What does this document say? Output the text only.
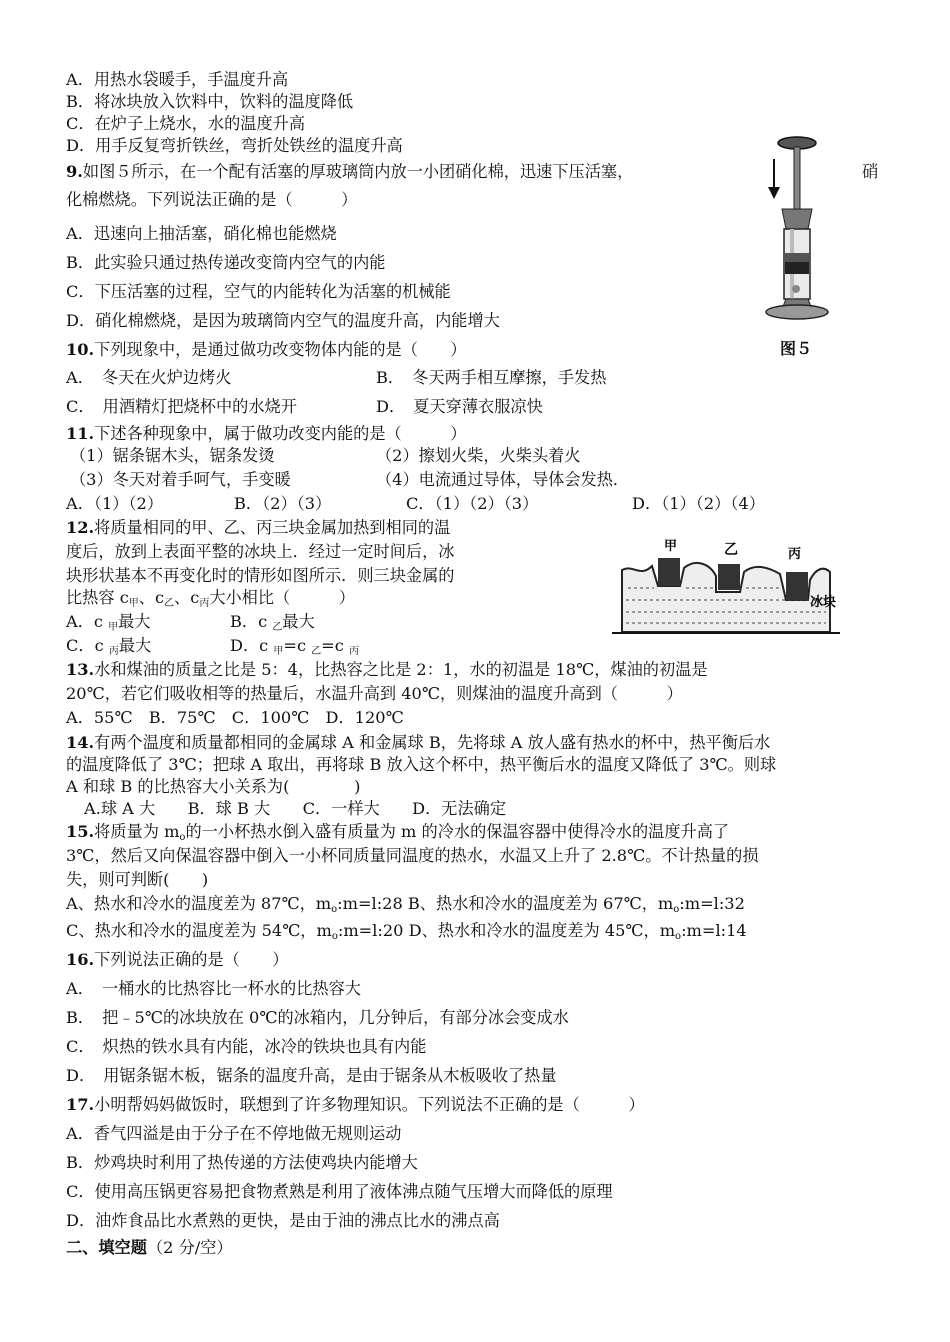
A．用热水袋暖手，手温度升高
B．将冰块放入饮料中，饮料的温度降低
C．在炉子上烧水，水的温度升高
D．用手反复弯折铁丝，弯折处铁丝的温度升高
9.如图５所示，在一个配有活塞的厚玻璃筒内放一小团硝化棉，迅速下压活塞，	硝
化棉燃烧。下列说法正确的是（　　　）
A．迅速向上抽活塞，硝化棉也能燃烧
B．此实验只通过热传递改变筒内空气的内能
C．下压活塞的过程，空气的内能转化为活塞的机械能
D．硝化棉燃烧，是因为玻璃筒内空气的温度升高，内能增大
图５
10.下列现象中，是通过做功改变物体内能的是（　　）
A．　冬天在火炉边烤火	B．　冬天两手相互摩擦，手发热
C．　用酒精灯把烧杯中的水烧开	D．　夏天穿薄衣服凉快
11.下述各种现象中，属于做功改变内能的是（　　　）
（1）锯条锯木头，锯条发烫	（2）擦划火柴，火柴头着火
（3）冬天对着手呵气，手变暖	（4）电流通过导体，导体会发热．
A．（1）（2）	B．（2）（3）	C．（1）（2）（3）	D．（1）（2）（4）
12.将质量相同的甲、乙、丙三块金属加热到相同的温
度后，放到上表面平整的冰块上．经过一定时间后，冰
块形状基本不再变化时的情形如图所示．则三块金属的
比热容 $c_甲$、$c_乙$、$c_丙$大小相比（　　　）
A．c $_甲$最大	B．c $_乙$最大
C．c $_丙$最大	D．c $_甲$=c $_乙$=c $_丙$
甲	乙	丙
冰块
13.水和煤油的质量之比是 5：4，比热容之比是 2：1，水的初温是 18℃，煤油的初温是
20℃，若它们吸收相等的热量后，水温升高到 40℃，则煤油的温度升高到（　　　）
A．55℃　B．75℃　C．100℃　D．120℃
14.有两个温度和质量都相同的金属球 A 和金属球 B，先将球 A 放人盛有热水的杯中，热平衡后水
的温度降低了 3℃；把球 A 取出，再将球 B 放入这个杯中，热平衡后水的温度又降低了 3℃。则球
A 和球 B 的比热容大小关系为(　　　　)
A.球 A 大　　B．球 B 大　　C．一样大　　D．无法确定
15.将质量为 $m_o$的一小杯热水倒入盛有质量为 m 的冷水的保温容器中使得冷水的温度升高了
3℃，然后又向保温容器中倒入一小杯同质量同温度的热水，水温又上升了 2.8℃。不计热量的损
失，则可判断(　　)
A、热水和冷水的温度差为 87℃，$m_o:m=l:28$ B、热水和冷水的温度差为 67℃，$m_o:m=l:32$
C、热水和冷水的温度差为 54℃，$m_o:m=l:20$ D、热水和冷水的温度差为 45℃，$m_o:m=l:14$
16.下列说法正确的是（　　）
A．　一桶水的比热容比一杯水的比热容大
B．　把﹣5℃的冰块放在 0℃的冰箱内，几分钟后，有部分冰会变成水
C．　炽热的铁水具有内能，冰冷的铁块也具有内能
D．　用锯条锯木板，锯条的温度升高，是由于锯条从木板吸收了热量
17.小明帮妈妈做饭时，联想到了许多物理知识。下列说法不正确的是（　　　）
A．香气四溢是由于分子在不停地做无规则运动
B．炒鸡块时利用了热传递的方法使鸡块内能增大
C．使用高压锅更容易把食物煮熟是利用了液体沸点随气压增大而降低的原理
D．油炸食品比水煮熟的更快，是由于油的沸点比水的沸点高
二、填空题（2 分/空）
